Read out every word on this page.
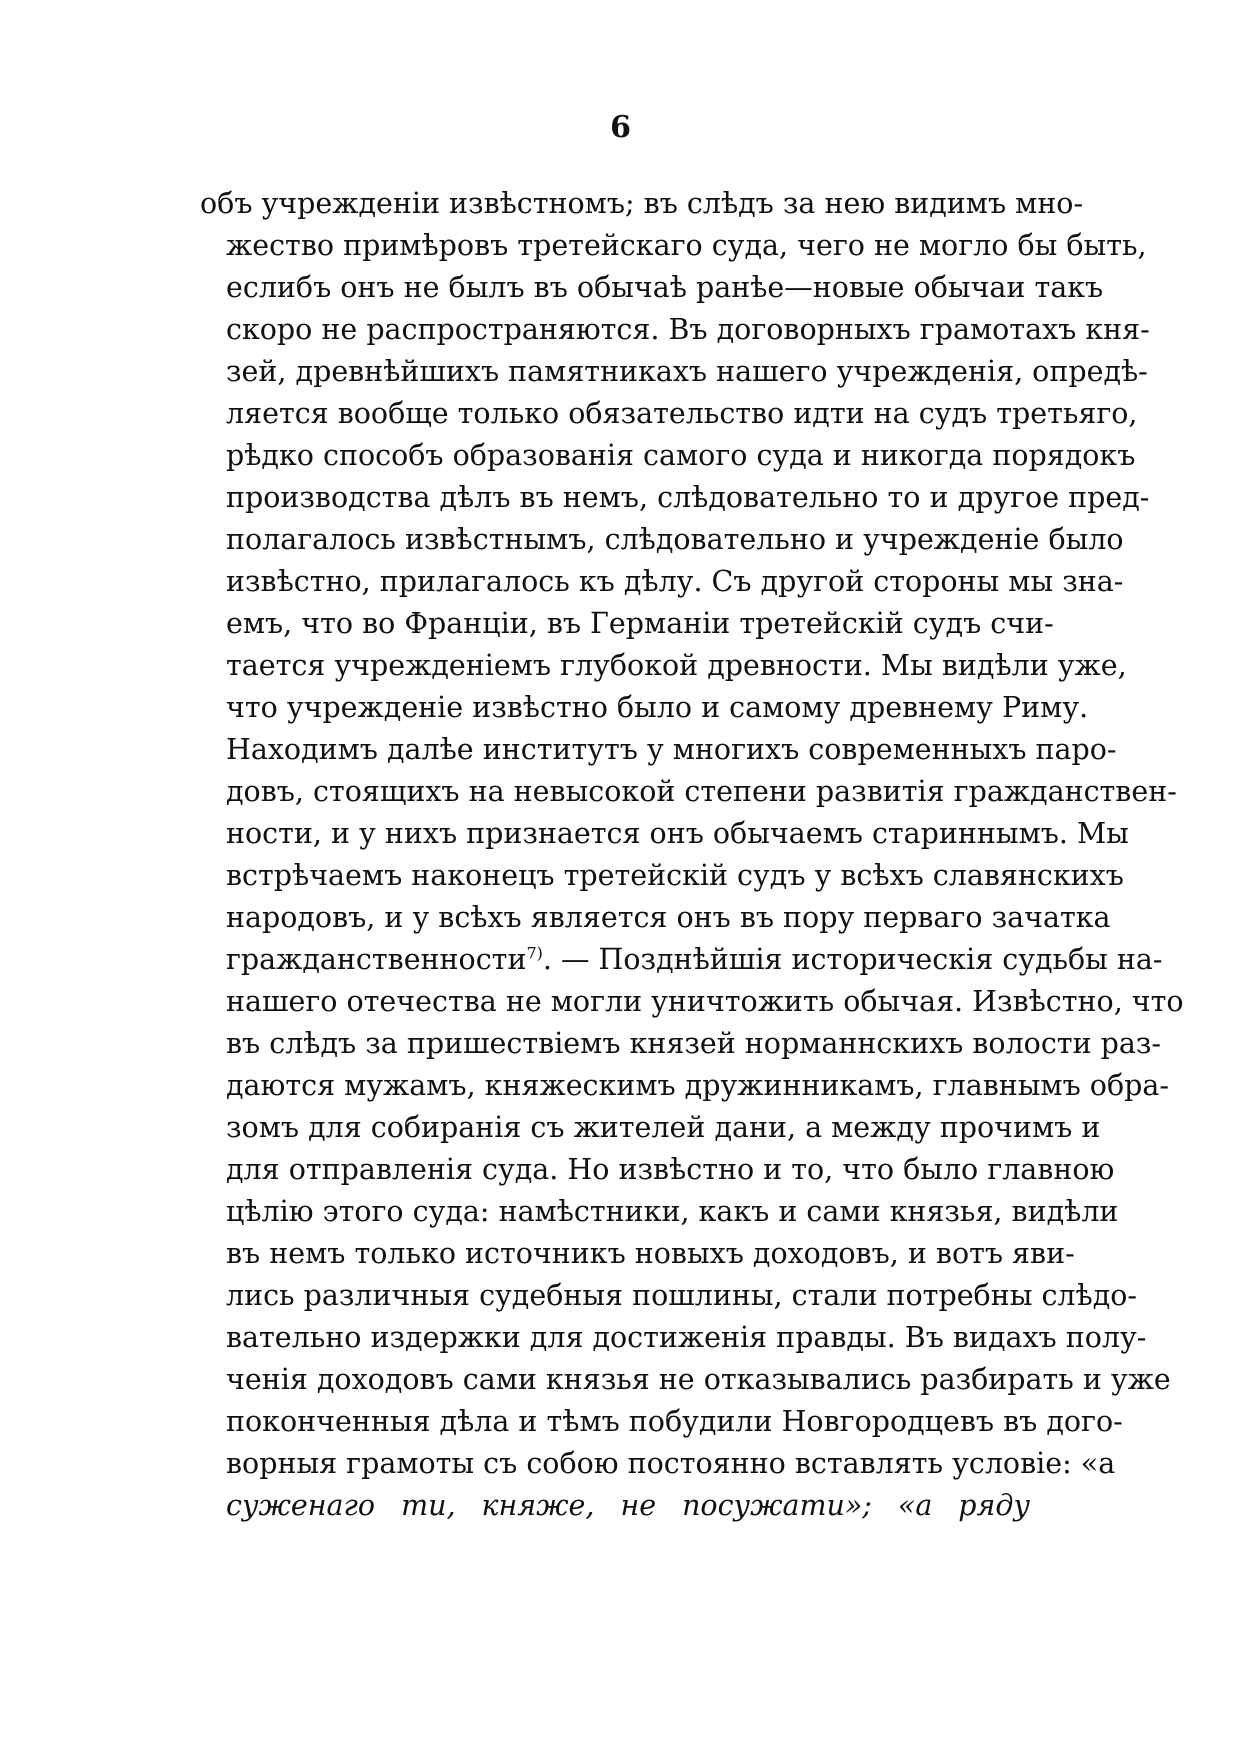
6
объ учрежденіи извѣстномъ; въ слѣдъ за нею видимъ мно-
жество примѣровъ третейскаго суда, чего не могло бы быть,
еслибъ онъ не былъ въ обычаѣ ранѣе—новые обычаи такъ
скоро не распространяются. Въ договорныхъ грамотахъ кня-
зей, древнѣйшихъ памятникахъ нашего учрежденія, опредѣ-
ляется вообще только обязательство идти на судъ третьяго,
рѣдко способъ образованія самого суда и никогда порядокъ
производства дѣлъ въ немъ, слѣдовательно то и другое пред-
полагалось извѣстнымъ, слѣдовательно и учрежденіе было
извѣстно, прилагалось къ дѣлу. Съ другой стороны мы зна-
емъ, что во Франціи, въ Германіи третейскій судъ счи-
тается учрежденіемъ глубокой древности. Мы видѣли уже,
что учрежденіе извѣстно было и самому древнему Риму.
Находимъ далѣе институтъ у многихъ современныхъ паро-
довъ, стоящихъ на невысокой степени развитія гражданствен-
ности, и у нихъ признается онъ обычаемъ стариннымъ. Мы
встрѣчаемъ наконецъ третейскій судъ у всѣхъ славянскихъ
народовъ, и у всѣхъ является онъ въ пору перваго зачатка
гражданственности$^{7)}$. — Позднѣйшія историческія судьбы на-
нашего отечества не могли уничтожить обычая. Извѣстно, что
въ слѣдъ за пришествіемъ князей норманнскихъ волости раз-
даются мужамъ, княжескимъ дружинникамъ, главнымъ обра-
зомъ для собиранія съ жителей дани, а между прочимъ и
для отправленія суда. Но извѣстно и то, что было главною
цѣлію этого суда: намѣстники, какъ и сами князья, видѣли
въ немъ только источникъ новыхъ доходовъ, и вотъ яви-
лись различныя судебныя пошлины, стали потребны слѣдо-
вательно издержки для достиженія правды. Въ видахъ полу-
ченія доходовъ сами князья не отказывались разбирать и уже
поконченныя дѣла и тѣмъ побудили Новгородцевъ въ дого-
ворныя грамоты съ собою постоянно вставлять условіе: «а
суженаго ти, княже, не посужати»; «а ряду
